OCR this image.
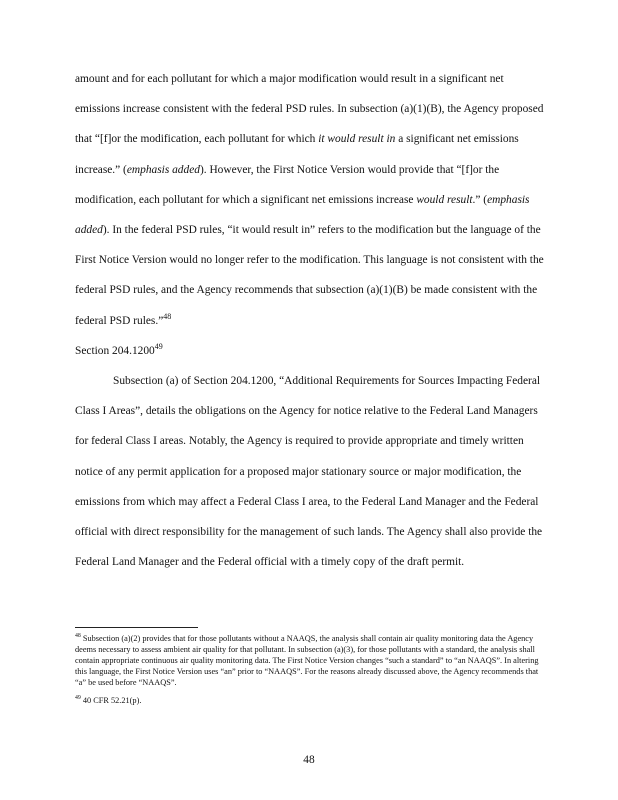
amount and for each pollutant for which a major modification would result in a significant net emissions increase consistent with the federal PSD rules. In subsection (a)(1)(B), the Agency proposed that “[f]or the modification, each pollutant for which it would result in a significant net emissions increase.” (emphasis added). However, the First Notice Version would provide that “[f]or the modification, each pollutant for which a significant net emissions increase would result.” (emphasis added). In the federal PSD rules, “it would result in” refers to the modification but the language of the First Notice Version would no longer refer to the modification. This language is not consistent with the federal PSD rules, and the Agency recommends that subsection (a)(1)(B) be made consistent with the federal PSD rules.”$^{48}$

Section 204.1200$^{49}$

Subsection (a) of Section 204.1200, “Additional Requirements for Sources Impacting Federal Class I Areas”, details the obligations on the Agency for notice relative to the Federal Land Managers for federal Class I areas. Notably, the Agency is required to provide appropriate and timely written notice of any permit application for a proposed major stationary source or major modification, the emissions from which may affect a Federal Class I area, to the Federal Land Manager and the Federal official with direct responsibility for the management of such lands. The Agency shall also provide the Federal Land Manager and the Federal official with a timely copy of the draft permit.

$^{48}$ Subsection (a)(2) provides that for those pollutants without a NAAQS, the analysis shall contain air quality monitoring data the Agency deems necessary to assess ambient air quality for that pollutant. In subsection (a)(3), for those pollutants with a standard, the analysis shall contain appropriate continuous air quality monitoring data. The First Notice Version changes “such a standard” to “an NAAQS”. In altering this language, the First Notice Version uses “an” prior to “NAAQS”. For the reasons already discussed above, the Agency recommends that “a” be used before “NAAQS”.

$^{49}$ 40 CFR 52.21(p).

48
